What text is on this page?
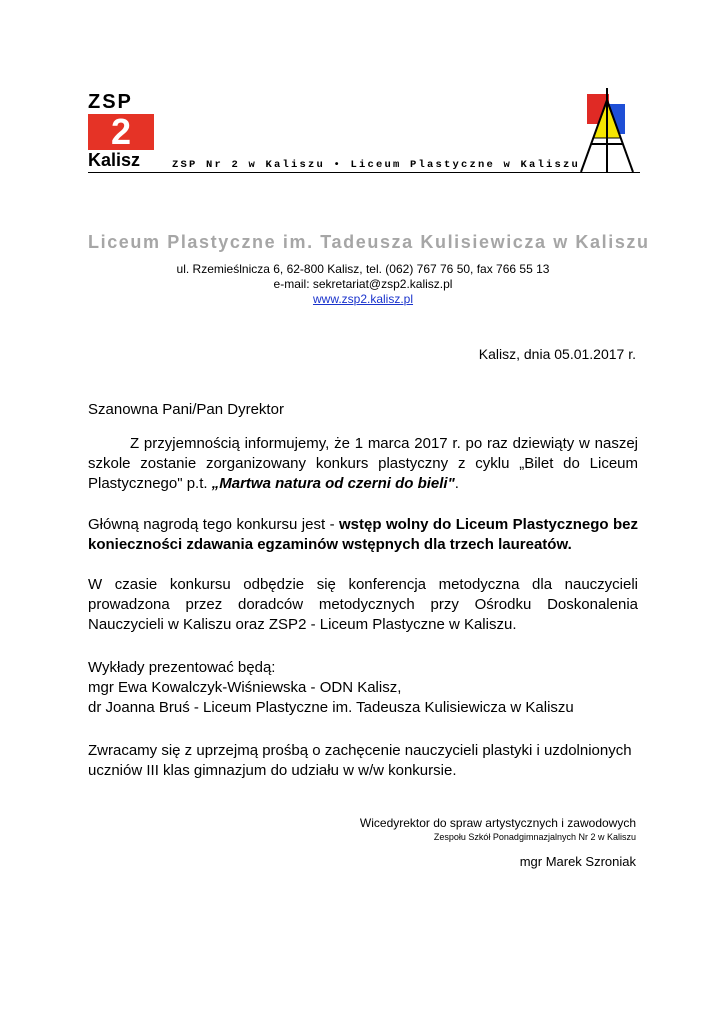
ZSP
2
Kalisz	ZSP Nr 2 w Kaliszu • Liceum Plastyczne w Kaliszu
Liceum Plastyczne im. Tadeusza Kulisiewicza w Kaliszu
ul. Rzemieślnicza 6, 62-800 Kalisz, tel. (062) 767 76 50, fax 766 55 13
e-mail: sekretariat@zsp2.kalisz.pl
www.zsp2.kalisz.pl
Kalisz, dnia 05.01.2017 r.
Szanowna Pani/Pan Dyrektor
Z przyjemnością informujemy, że 1 marca 2017 r. po raz dziewiąty w naszej szkole zostanie zorganizowany konkurs plastyczny z cyklu „Bilet do Liceum Plastycznego" p.t. „Martwa natura od czerni do bieli".
Główną nagrodą tego konkursu jest - wstęp wolny do Liceum Plastycznego bez konieczności zdawania egzaminów wstępnych dla trzech laureatów.
W czasie konkursu odbędzie się konferencja metodyczna dla nauczycieli prowadzona przez doradców metodycznych przy Ośrodku Doskonalenia Nauczycieli w Kaliszu oraz ZSP2 - Liceum Plastyczne w Kaliszu.
Wykłady prezentować będą:
mgr Ewa Kowalczyk-Wiśniewska - ODN Kalisz,
dr Joanna Bruś - Liceum Plastyczne im. Tadeusza Kulisiewicza w Kaliszu
Zwracamy się z uprzejmą prośbą o zachęcenie nauczycieli plastyki i uzdolnionych uczniów III klas gimnazjum do udziału w w/w konkursie.
Wicedyrektor do spraw artystycznych i zawodowych
Zespołu Szkół Ponadgimnazjalnych Nr 2 w Kaliszu
mgr Marek Szroniak
